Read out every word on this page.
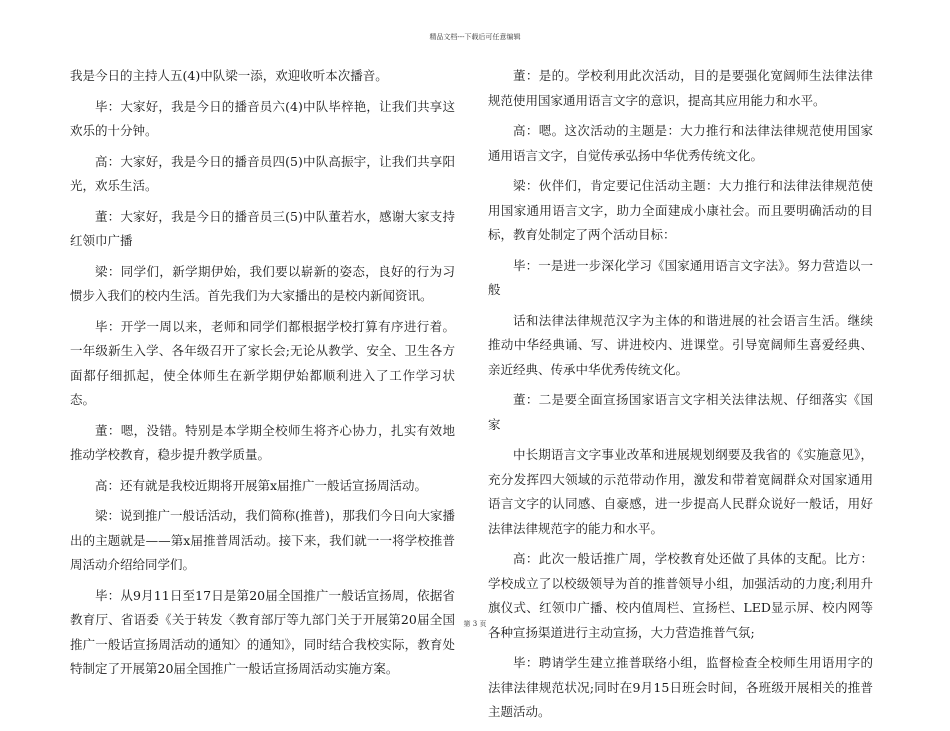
精品文档---下载后可任意编辑

我是今日的主持人五(4)中队梁一添，欢迎收听本次播音。

毕：大家好，我是今日的播音员六(4)中队毕梓艳，让我们共享这欢乐的十分钟。

高：大家好，我是今日的播音员四(5)中队高振宇，让我们共享阳光，欢乐生活。

董：大家好，我是今日的播音员三(5)中队董若水，感谢大家支持红领巾广播

梁：同学们，新学期伊始，我们要以崭新的姿态，良好的行为习惯步入我们的校内生活。首先我们为大家播出的是校内新闻资讯。

毕：开学一周以来，老师和同学们都根据学校打算有序进行着。一年级新生入学、各年级召开了家长会;无论从教学、安全、卫生各方面都仔细抓起，使全体师生在新学期伊始都顺利进入了工作学习状态。

董：嗯，没错。特别是本学期全校师生将齐心协力，扎实有效地推动学校教育，稳步提升教学质量。

高：还有就是我校近期将开展第x届推广一般话宣扬周活动。

梁：说到推广一般话活动，我们简称(推普)，那我们今日向大家播出的主题就是——第x届推普周活动。接下来，我们就一一将学校推普周活动介绍给同学们。

毕：从9月11日至17日是第20届全国推广一般话宣扬周，依据省教育厅、省语委《关于转发〈教育部厅等九部门关于开展第20届全国推广一般话宣扬周活动的通知〉的通知》，同时结合我校实际，教育处特制定了开展第20届全国推广一般话宣扬周活动实施方案。

董：是的。学校利用此次活动，目的是要强化宽阔师生法律法律规范使用国家通用语言文字的意识，提高其应用能力和水平。

高：嗯。这次活动的主题是：大力推行和法律法律规范使用国家通用语言文字，自觉传承弘扬中华优秀传统文化。

梁：伙伴们，肯定要记住活动主题：大力推行和法律法律规范使用国家通用语言文字，助力全面建成小康社会。而且要明确活动的目标，教育处制定了两个活动目标：

毕：一是进一步深化学习《国家通用语言文字法》。努力营造以一般

话和法律法律规范汉字为主体的和谐进展的社会语言生活。继续推动中华经典诵、写、讲进校内、进课堂。引导宽阔师生喜爱经典、亲近经典、传承中华优秀传统文化。

董：二是要全面宣扬国家语言文字相关法律法规、仔细落实《国家

中长期语言文字事业改革和进展规划纲要及我省的《实施意见》，充分发挥四大领域的示范带动作用，激发和带着宽阔群众对国家通用语言文字的认同感、自豪感，进一步提高人民群众说好一般话，用好法律法律规范字的能力和水平。

高：此次一般话推广周，学校教育处还做了具体的支配。比方：学校成立了以校级领导为首的推普领导小组，加强活动的力度;利用升旗仪式、红领巾广播、校内值周栏、宣扬栏、LED显示屏、校内网等各种宣扬渠道进行主动宣扬，大力营造推普气氛;

毕：聘请学生建立推普联络小组，监督检查全校师生用语用字的法律法律规范状况;同时在9月15日班会时间，各班级开展相关的推普主题活动。

第 3 页
